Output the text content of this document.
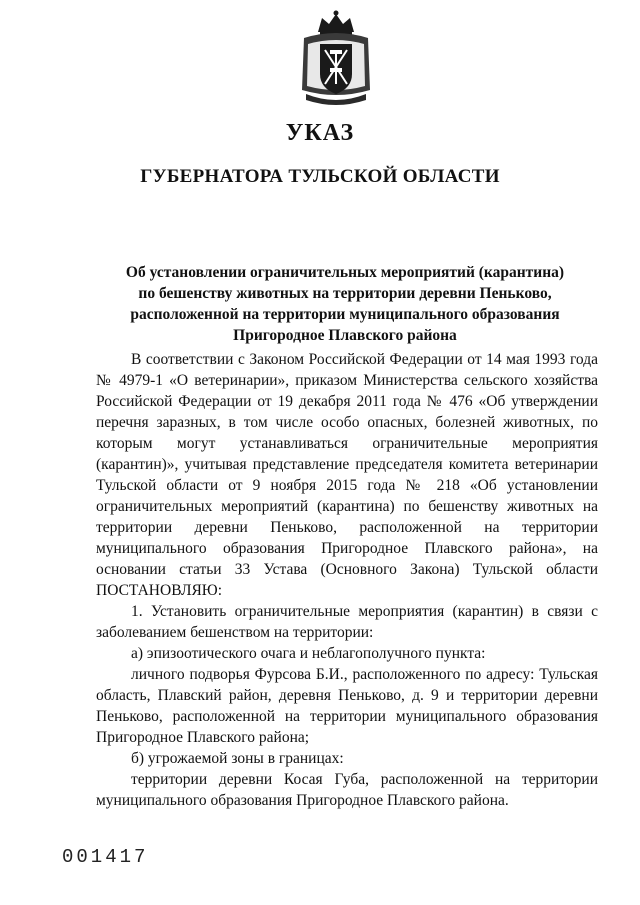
УКАЗ
ГУБЕРНАТОРА ТУЛЬСКОЙ ОБЛАСТИ
Об установлении ограничительных мероприятий (карантина)
по бешенству животных на территории деревни Пеньково,
расположенной на территории муниципального образования
Пригородное Плавского района

В соответствии с Законом Российской Федерации от 14 мая 1993 года № 4979-1 «О ветеринарии», приказом Министерства сельского хозяйства Российской Федерации от 19 декабря 2011 года № 476 «Об утверждении перечня заразных, в том числе особо опасных, болезней животных, по которым могут устанавливаться ограничительные мероприятия (карантин)», учитывая представление председателя комитета ветеринарии Тульской области от 9 ноября 2015 года № 218 «Об установлении ограничительных мероприятий (карантина) по бешенству животных на территории деревни Пеньково, расположенной на территории муниципального образования Пригородное Плавского района», на основании статьи 33 Устава (Основного Закона) Тульской области ПОСТАНОВЛЯЮ:

1. Установить ограничительные мероприятия (карантин) в связи с заболеванием бешенством на территории:

а) эпизоотического очага и неблагополучного пункта:

личного подворья Фурсова Б.И., расположенного по адресу: Тульская область, Плавский район, деревня Пеньково, д. 9 и территории деревни Пеньково, расположенной на территории муниципального образования Пригородное Плавского района;

б) угрожаемой зоны в границах:

территории деревни Косая Губа, расположенной на территории муниципального образования Пригородное Плавского района.

001417
